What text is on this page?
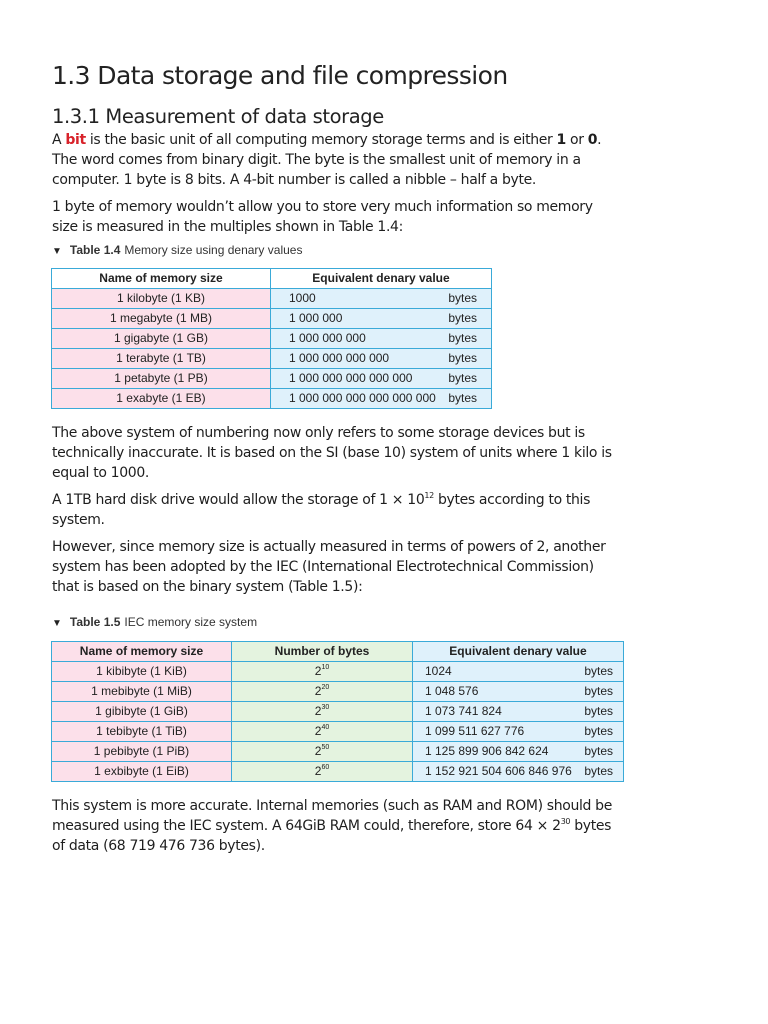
1.3 Data storage and file compression
1.3.1 Measurement of data storage

A bit is the basic unit of all computing memory storage terms and is either 1 or 0. The word comes from binary digit. The byte is the smallest unit of memory in a computer. 1 byte is 8 bits. A 4-bit number is called a nibble – half a byte.

1 byte of memory wouldn’t allow you to store very much information so memory size is measured in the multiples shown in Table 1.4:

▼ Table 1.4 Memory size using denary values
Name of memory size	Equivalent denary value
1 kilobyte (1 KB)	1000 bytes

1 megabyte (1 MB)	1 000 000 bytes

1 gigabyte (1 GB)	1 000 000 000 bytes

1 terabyte (1 TB)	1 000 000 000 000 bytes

1 petabyte (1 PB)	1 000 000 000 000 000 bytes

1 exabyte (1 EB)	1 000 000 000 000 000 000 bytes

The above system of numbering now only refers to some storage devices but is technically inaccurate. It is based on the SI (base 10) system of units where 1 kilo is equal to 1000.

A 1TB hard disk drive would allow the storage of $1 \times 10^{12}$ bytes according to this system.

However, since memory size is actually measured in terms of powers of 2, another system has been adopted by the IEC (International Electrotechnical Commission) that is based on the binary system (Table 1.5):

▼ Table 1.5 IEC memory size system
Name of memory size	Number of bytes	Equivalent denary value
1 kibibyte (1 KiB)	$2^{10}$	1024 bytes

1 mebibyte (1 MiB)	$2^{20}$	1 048 576 bytes

1 gibibyte (1 GiB)	$2^{30}$	1 073 741 824 bytes

1 tebibyte (1 TiB)	$2^{40}$	1 099 511 627 776 bytes

1 pebibyte (1 PiB)	$2^{50}$	1 125 899 906 842 624 bytes

1 exbibyte (1 EiB)	$2^{60}$	1 152 921 504 606 846 976 bytes

This system is more accurate. Internal memories (such as RAM and ROM) should be measured using the IEC system. A 64GiB RAM could, therefore, store $64 \times 2^{30}$ bytes of data (68 719 476 736 bytes).
